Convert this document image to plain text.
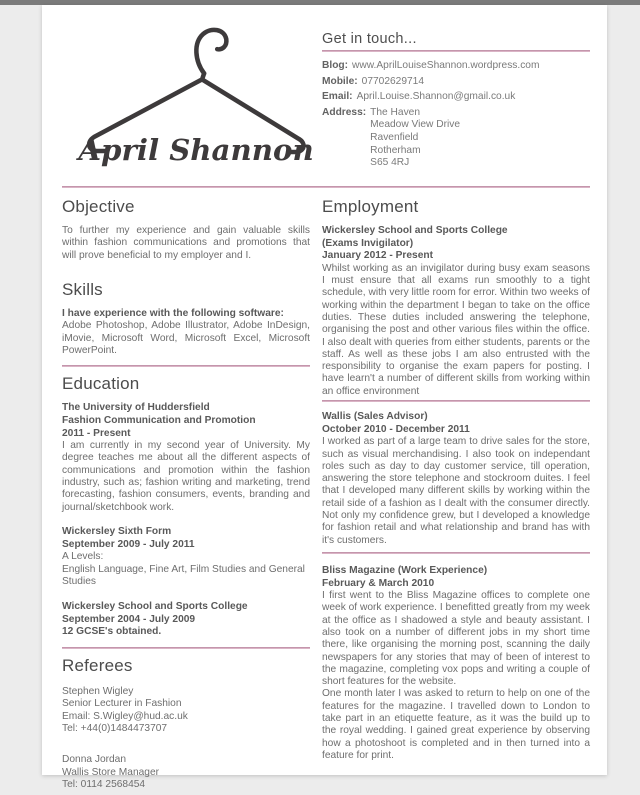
April Shannon
Get in touch...
Blog: www.AprilLouiseShannon.wordpress.com
Mobile: 07702629714
Email: April.Louise.Shannon@gmail.co.uk
Address: The Haven
Meadow View Drive
Ravenfield
Rotherham
S65 4RJ
Objective

To further my experience and gain valuable skills within fashion communications and promotions that will prove beneficial to my employer and I.

Skills
I have experience with the following software:

Adobe Photoshop, Adobe Illustrator, Adobe InDesign, iMovie, Microsoft Word, Microsoft Excel, Microsoft PowerPoint.

Education
The University of Huddersfield
Fashion Communication and Promotion
2011 - Present

I am currently in my second year of University. My degree teaches me about all the different aspects of communications and promotion within the fashion industry, such as; fashion writing and marketing, trend forecasting, fashion consumers, events, branding and journal/sketchbook work.

Wickersley Sixth Form
September 2009 - July 2011
A Levels:
English Language, Fine Art, Film Studies and General Studies
Wickersley School and Sports College
September 2004 - July 2009
12 GCSE's obtained.
Referees
Stephen Wigley
Senior Lecturer in Fashion
Email: S.Wigley@hud.ac.uk
Tel: +44(0)1484473707
Donna Jordan
Wallis Store Manager
Tel: 0114 2568454
Employment
Wickersley School and Sports College
(Exams Invigilator)
January 2012 - Present

Whilst working as an invigilator during busy exam seasons I must ensure that all exams run smoothly to a tight schedule, with very little room for error. Within two weeks of working within the department I began to take on the office duties. These duties included answering the telephone, organising the post and other various files within the office. I also dealt with queries from either students, parents or the staff. As well as these jobs I am also entrusted with the responsibility to organise the exam papers for posting. I have learn't a number of different skills from working within an office environment

Wallis (Sales Advisor)
October 2010 - December 2011

I worked as part of a large team to drive sales for the store, such as visual merchandising. I also took on independant roles such as day to day customer service, till operation, answering the store telephone and stockroom duites. I feel that I developed many different skills by working within the retail side of a fashion as I dealt with the consumer directly. Not only my confidence grew, but I developed a knowledge for fashion retail and what relationship and brand has with it's customers.

Bliss Magazine (Work Experience)
February & March 2010

I first went to the Bliss Magazine offices to complete one week of work experience. I benefitted greatly from my week at the office as I shadowed a style and beauty assistant. I also took on a number of different jobs in my short time there, like organising the morning post, scanning the daily newspapers for any stories that may of been of interest to the magazine, completing vox pops and writing a couple of short features for the website.

One month later I was asked to return to help on one of the features for the magazine. I travelled down to London to take part in an etiquette feature, as it was the build up to the royal wedding. I gained great experience by observing how a photoshoot is completed and in then turned into a feature for print.
